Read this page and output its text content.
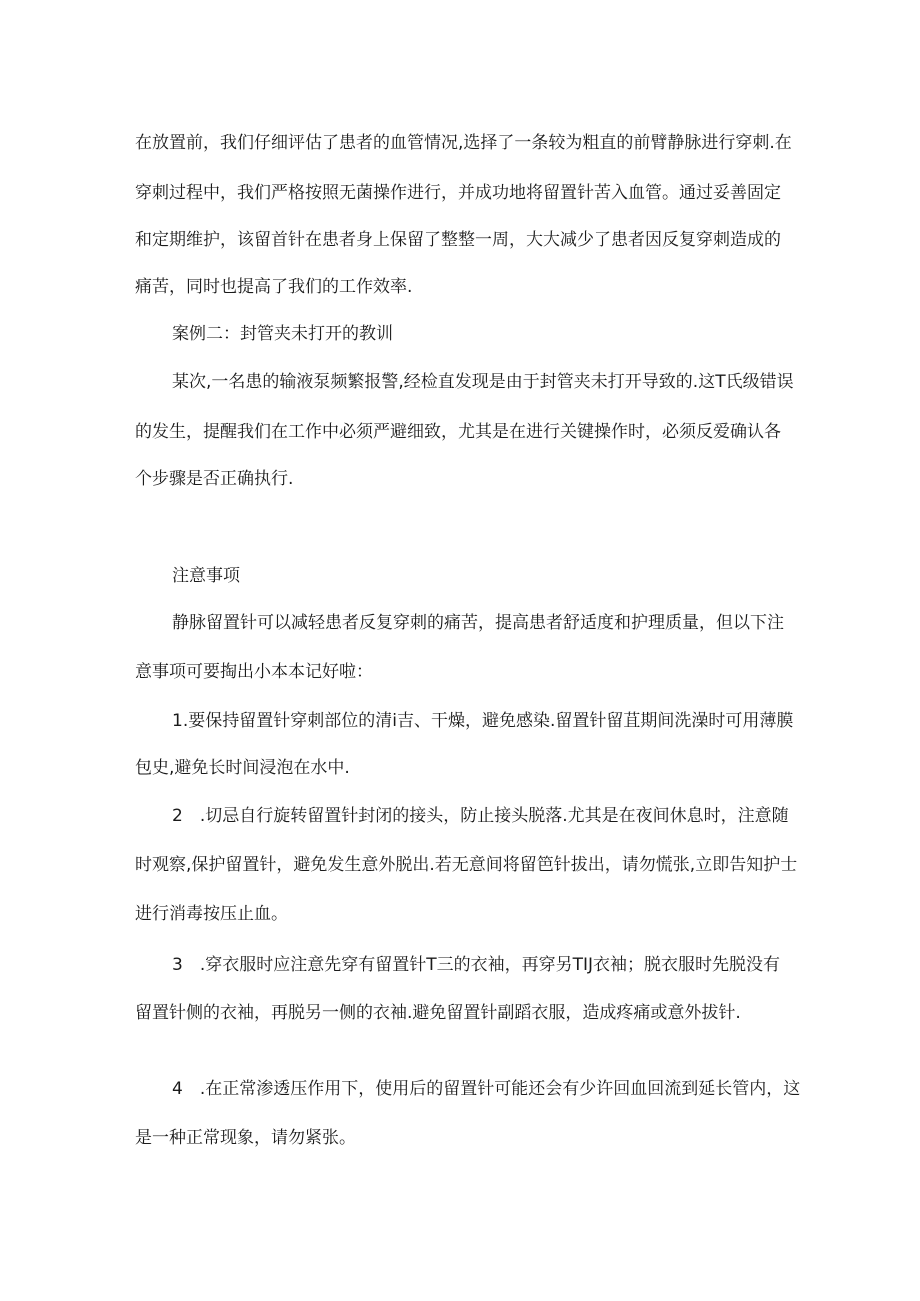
在放置前，我们仔细评估了患者的血管情况,选择了一条较为粗直的前臂静脉进行穿刺.在
穿刺过程中，我们严格按照无菌操作进行，并成功地将留置针苦入血管。通过妥善固定
和定期维护，该留首针在患者身上保留了整整一周，大大减少了患者因反复穿刺造成的
痛苦，同时也提高了我们的工作效率.
案例二：封管夹未打开的教训
某次,一名患的输液泵频繁报警,经检直发现是由于封管夹未打开导致的.这T氏级错误
的发生，提醒我们在工作中必须严避细致，尤其是在进行关键操作时，必须反爱确认各
个步骤是否正确执行.
注意事项
静脉留置针可以减轻患者反复穿刺的痛苦，提高患者舒适度和护理质量，但以下注
意事项可要掏出小本本记好啦：
1.要保持留置针穿刺部位的清i吉、干燥，避免感染.留置针留苴期间洗澡时可用薄膜
包史,避免长时间浸泡在水中.
2　.切忌自行旋转留置针封闭的接头，防止接头脱落.尤其是在夜间休息时，注意随
时观察,保护留置针，避免发生意外脱出.若无意间将留笆针拔出，请勿慌张,立即告知护士
进行消毒按压止血。
3　.穿衣服时应注意先穿有留置针T三的衣袖，再穿另TIJ衣袖；脱衣服时先脱没有
留置针侧的衣袖，再脱另一侧的衣袖.避免留置针副蹈衣服，造成疼痛或意外拔针.
4　.在正常渗透压作用下，使用后的留置针可能还会有少许回血回流到延长管内，这
是一种正常现象，请勿紧张。
